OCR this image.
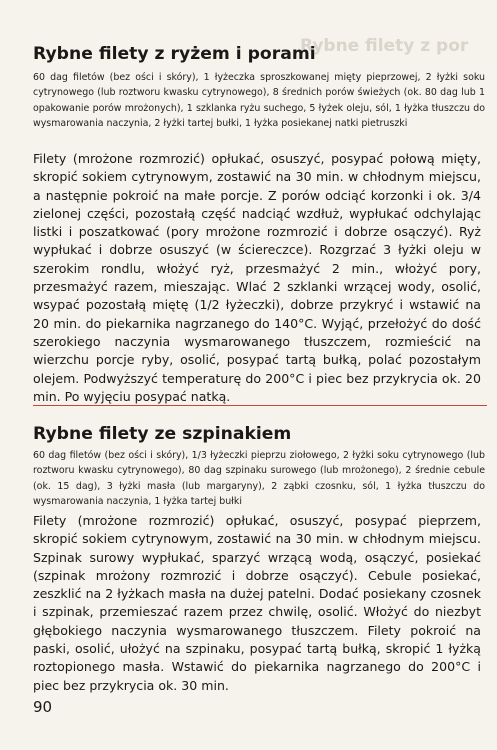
Rybne filety z por
Rybne filety z ryżem i porami
60 dag filetów (bez ości i skóry), 1 łyżeczka sproszkowanej mięty pieprzowej, 2 łyżki soku cytrynowego (lub roztworu kwasku cytrynowego), 8 średnich porów świeżych (ok. 80 dag lub 1 opakowanie porów mrożonych), 1 szklanka ryżu suchego, 5 łyżek oleju, sól, 1 łyżka tłuszczu do wysmarowania naczynia, 2 łyżki tartej bułki, 1 łyżka posiekanej natki pietruszki
Filety (mrożone rozmrozić) opłukać, osuszyć, posypać połową mięty, skropić sokiem cytrynowym, zostawić na 30 min. w chłodnym miejscu, a następnie pokroić na małe porcje. Z porów odciąć korzonki i ok. 3/4 zielonej części, pozostałą część nadciąć wzdłuż, wypłukać odchylając listki i poszatkować (pory mrożone rozmrozić i dobrze osączyć). Ryż wypłukać i dobrze osuszyć (w ściereczce). Rozgrzać 3 łyżki oleju w szerokim rondlu, włożyć ryż, przesmażyć 2 min., włożyć pory, przesmażyć razem, mieszając. Wlać 2 szklanki wrzącej wody, osolić, wsypać pozostałą miętę (1/2 łyżeczki), dobrze przykryć i wstawić na 20 min. do piekarnika nagrzanego do 140°C. Wyjąć, przełożyć do dość szerokiego naczynia wysmarowanego tłuszczem, rozmieścić na wierzchu porcje ryby, osolić, posypać tartą bułką, polać pozostałym olejem. Podwyższyć temperaturę do 200°C i piec bez przykrycia ok. 20 min. Po wyjęciu posypać natką.
Rybne filety ze szpinakiem
60 dag filetów (bez ości i skóry), 1/3 łyżeczki pieprzu ziołowego, 2 łyżki soku cytrynowego (lub roztworu kwasku cytrynowego), 80 dag szpinaku surowego (lub mrożonego), 2 średnie cebule (ok. 15 dag), 3 łyżki masła (lub margaryny), 2 ząbki czosnku, sól, 1 łyżka tłuszczu do wysmarowania naczynia, 1 łyżka tartej bułki
Filety (mrożone rozmrozić) opłukać, osuszyć, posypać pieprzem, skropić sokiem cytrynowym, zostawić na 30 min. w chłodnym miejscu. Szpinak surowy wypłukać, sparzyć wrzącą wodą, osączyć, posiekać (szpinak mrożony rozmrozić i dobrze osączyć). Cebule posiekać, zeszklić na 2 łyżkach masła na dużej patelni. Dodać posiekany czosnek i szpinak, przemieszać razem przez chwilę, osolić. Włożyć do niezbyt głębokiego naczynia wysmarowanego tłuszczem. Filety pokroić na paski, osolić, ułożyć na szpinaku, posypać tartą bułką, skropić 1 łyżką roztopionego masła. Wstawić do piekarnika nagrzanego do 200°C i piec bez przykrycia ok. 30 min.
90
